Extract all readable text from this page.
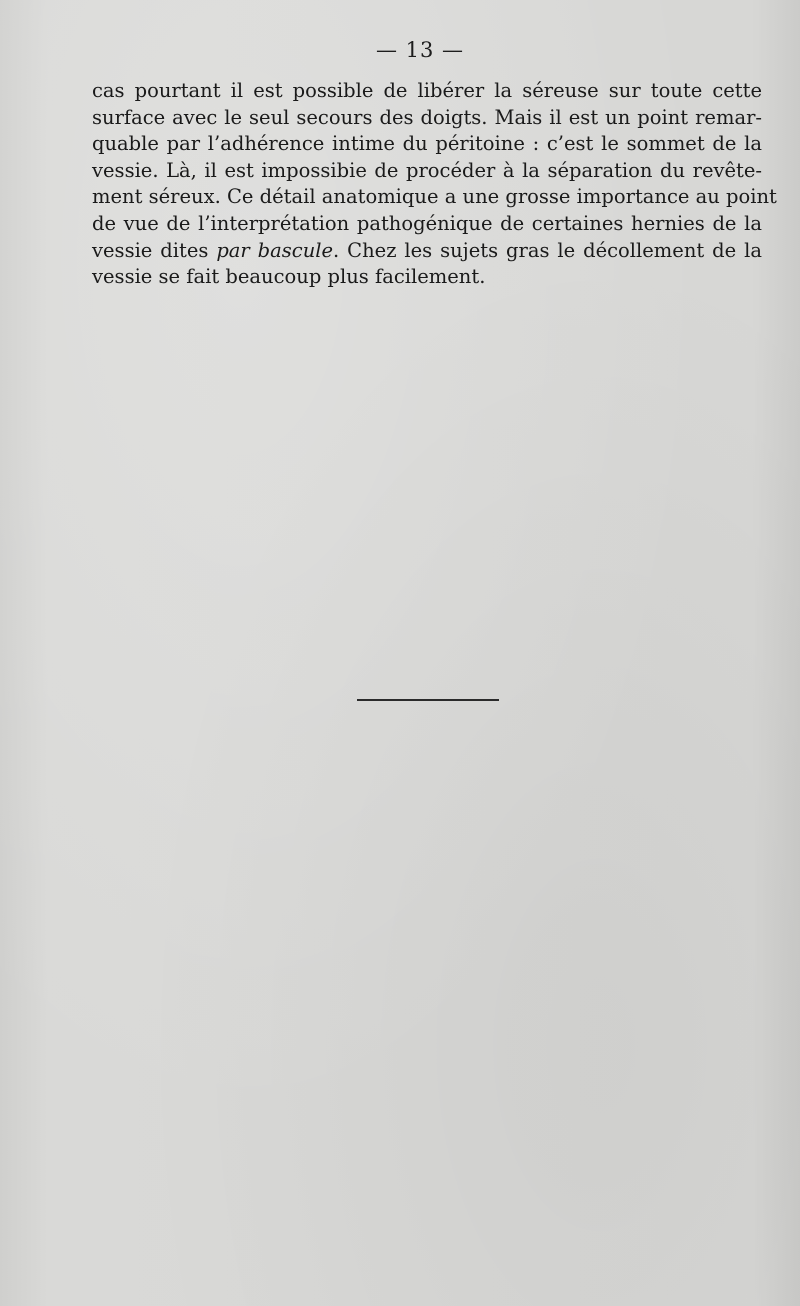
— 13 —
cas pourtant il est possible de libérer la séreuse sur toute cette
surface avec le seul secours des doigts. Mais il est un point remar-
quable par l’adhérence intime du péritoine : c’est le sommet de la
vessie. Là, il est impossibie de procéder à la séparation du revête-
ment séreux. Ce détail anatomique a une grosse importance au point
de vue de l’interprétation pathogénique de certaines hernies de la
vessie dites par bascule. Chez les sujets gras le décollement de la
vessie se fait beaucoup plus facilement.
